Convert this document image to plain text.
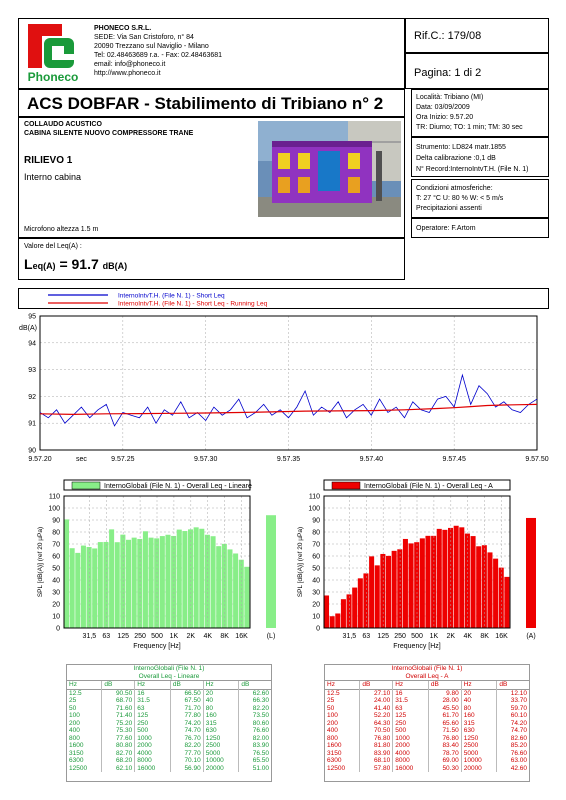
Phoneco
PHONECO S.R.L.
SEDE: Via San Cristoforo, n° 84
20090 Trezzano sul Naviglio - Milano
Tel: 02.48463689 r.a. - Fax: 02.48463681
email: info@phoneco.it
http://www.phoneco.it
Rif.C.: 179/08
Pagina: 1 di 2
ACS DOBFAR - Stabilimento di Tribiano n° 2
COLLAUDO ACUSTICO
CABINA SILENTE NUOVO COMPRESSORE TRANE
RILIEVO 1
Interno cabina
Microfono altezza 1.5 m
Valore del Leq(A) :
Leq(A) = 91.7 dB(A)
Località: Tribiano (MI)
Data: 03/09/2009
Ora Inizio: 9.57.20
TR: Diurno; TO: 1 min; TM: 30 sec
Strumento: LD824 matr.1855
Delta calibrazione :0,1 dB
N° Record:InternoIntvT.H. (File N. 1)
Condizioni atmosferiche:
T: 27 °C U: 80 % W: < 5 m/s
Precipitazioni assenti
Operatore: F.Artom
InternoIntvT.H. (File N. 1) - Short Leq
InternoIntvT.H. (File N. 1) - Short Leq - Running Leq
90
91
92
93
94
95
9.57.20	9.57.25	9.57.30	9.57.35	9.57.40	9.57.45	9.57.50
sec
dB(A)
InternoGlobali (File N. 1) - Overall Leq - Lineare
0
10
20
30
40
50
60
70
80
90
100
110
31,5 63 125 250 500 1K 2K 4K 8K 16K	(L)
Frequency [Hz]
SPL [dB(A)] (ref 20 µPa)
InternoGlobali (File N. 1) - Overall Leq - A
0
10
20
30
40
50
60
70
80
90
100
110
31,5 63 125 250 500 1K 2K 4K 8K 16K	(A)
Frequency [Hz]
SPL [dB(A)] (ref 20 µPa)
InternoGlobali (File N. 1)
Overall Leq - Lineare
Hz	dB	Hz	dB	Hz	dB
12.5	90.50	16	66.50	20	62.60
25	68.70	31.5	67.50	40	66.30
50	71.60	63	71.70	80	82.20
100	71.40	125	77.80	160	73.50
200	75.20	250	74.20	315	80.60
400	75.30	500	74.70	630	76.60
800	77.60	1000	76.70	1250	82.00
1600	80.80	2000	82.20	2500	83.90
3150	82.70	4000	77.70	5000	76.50
6300	68.20	8000	70.10	10000	65.50
12500	62.10	16000	56.90	20000	51.00
InternoGlobali (File N. 1)
Overall Leq - A
Hz	dB	Hz	dB	Hz	dB
12.5	27.10	16	9.80	20	12.10
25	24.00	31.5	28.00	40	33.70
50	41.40	63	45.50	80	59.70
100	52.20	125	61.70	160	60.10
200	64.30	250	65.60	315	74.20
400	70.50	500	71.50	630	74.70
800	76.80	1000	76.80	1250	82.60
1600	81.80	2000	83.40	2500	85.20
3150	83.90	4000	78.70	5000	76.60
6300	68.10	8000	69.00	10000	63.00
12500	57.80	16000	50.30	20000	42.60
